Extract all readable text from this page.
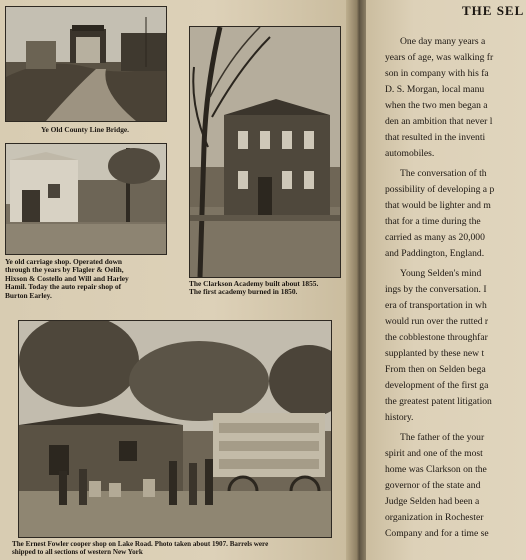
Ye Old County Line Bridge.
Ye old carriage shop. Operated down
through the years by Flagler & Oelih,
Hixson & Costello and Will and Harley
Hamil. Today the auto repair shop of
Burton Earley.
The Clarkson Academy built about 1855.
The first academy burned in 1850.
The Ernest Fowler cooper shop on Lake Road. Photo taken about 1907. Barrels were
shipped to all sections of western New York
THE SEL
One day many years a
years of age, was walking fr
son in company with his fa
D. S. Morgan, local manu
when the two men began a
den an ambition that never l
that resulted in the inventi
automobiles.
The conversation of th
possibility of developing a p
that would be lighter and m
that for a time during the
carried as many as 20,000
and Paddington, England.
Young Selden's mind
ings by the conversation. I
era of transportation in wh
would run over the rutted r
the cobblestone throughfar
supplanted by these new t
From then on Selden bega
development of the first ga
the greatest patent litigation
history.
The father of the your
spirit and one of the most
home was Clarkson on the
governor of the state and
Judge Selden had been a
organization in Rochester
Company and for a time se
